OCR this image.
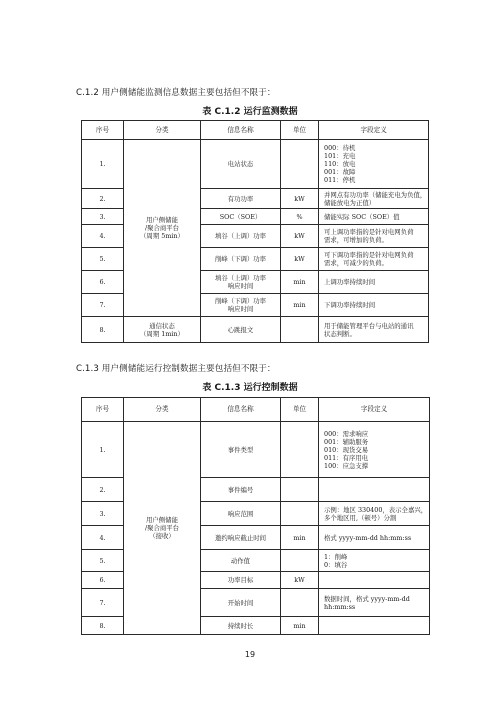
C.1.2 用户侧储能监测信息数据主要包括但不限于：
表 C.1.2 运行监测数据
序号	分类	信息名称	单位	字段定义
1.	用户侧储能
/聚合商平台
（周期 5min）	电站状态		000：待机
101：充电
110：放电
001：故障
011：停机

2.		有功功率	kW	并网点有功功率（储能充电为负值，
储能放电为正值）

3.		SOC（SOE）	%	储能实际 SOC（SOE）值

4.		填谷（上调）功率	kW	可上调功率指的是针对电网负荷
需求，可增加的负荷。

5.		削峰（下调）功率	kW	可下调功率指的是针对电网负荷
需求，可减少的负荷。

6.		填谷（上调）功率
响应时间	min	上调功率持续时间

7.		削峰（下调）功率
响应时间	min	下调功率持续时间

8.	通信状态
（周期 1min）	心跳报文		用于储能管理平台与电站的通讯
状态判断。
C.1.3 用户侧储能运行控制数据主要包括但不限于：
表 C.1.3 运行控制数据
序号	分类	信息名称	单位	字段定义
1.	用户侧储能
/聚合商平台
（接收）	事件类型		000：需求响应
001：辅助服务
010：现货交易
011：有序用电
100：应急支撑

2.		事件编号		
3.		响应范围		示例：地区 330400，表示全嘉兴，
多个地区用,（顿号）分割

4.		邀约响应截止时间	min	格式 yyyy-mm-dd hh:mm:ss

5.		动作值		1：削峰
0：填谷

6.		功率目标	kW	
7.		开始时间		数据时间，格式 yyyy-mm-dd
hh:mm:ss

8.		持续时长	min	
19
